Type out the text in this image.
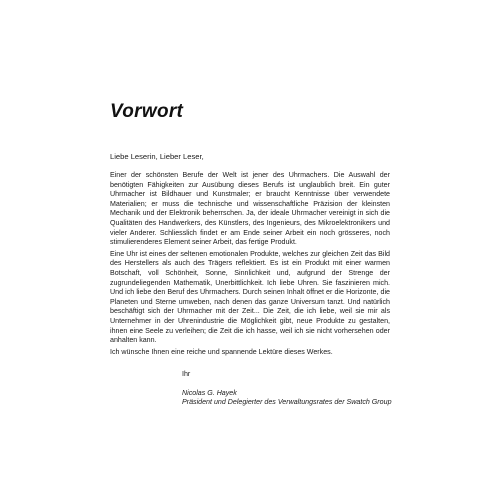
Vorwort

Liebe Leserin, Lieber Leser,

Einer der schönsten Berufe der Welt ist jener des Uhrmachers. Die Auswahl der benötigten Fähigkeiten zur Ausübung dieses Berufs ist unglaublich breit. Ein guter Uhrmacher ist Bildhauer und Kunstmaler; er braucht Kenntnisse über verwendete Materialien; er muss die technische und wissenschaftliche Präzision der kleinsten Mechanik und der Elektronik beherrschen. Ja, der ideale Uhrmacher vereinigt in sich die Qualitäten des Handwerkers, des Künstlers, des Ingenieurs, des Mikroelektronikers und vieler Anderer. Schliesslich findet er am Ende seiner Arbeit ein noch grösseres, noch stimulierenderes Element seiner Arbeit, das fertige Produkt.

Eine Uhr ist eines der seltenen emotionalen Produkte, welches zur gleichen Zeit das Bild des Herstellers als auch des Trägers reflektiert. Es ist ein Produkt mit einer warmen Botschaft, voll Schönheit, Sonne, Sinnlichkeit und, aufgrund der Strenge der zugrundeliegenden Mathematik, Unerbittlichkeit. Ich liebe Uhren. Sie faszinieren mich. Und ich liebe den Beruf des Uhrmachers. Durch seinen Inhalt öffnet er die Horizonte, die Planeten und Sterne umweben, nach denen das ganze Universum tanzt. Und natürlich beschäftigt sich der Uhrmacher mit der Zeit... Die Zeit, die ich liebe, weil sie mir als Unternehmer in der Uhrenindustrie die Möglichkeit gibt, neue Produkte zu gestalten, ihnen eine Seele zu verleihen; die Zeit die ich hasse, weil ich sie nicht vorhersehen oder anhalten kann.

Ich wünsche Ihnen eine reiche und spannende Lektüre dieses Werkes.

Ihr

Nicolas G. Hayek

Präsident und Delegierter des Verwaltungsrates der Swatch Group
